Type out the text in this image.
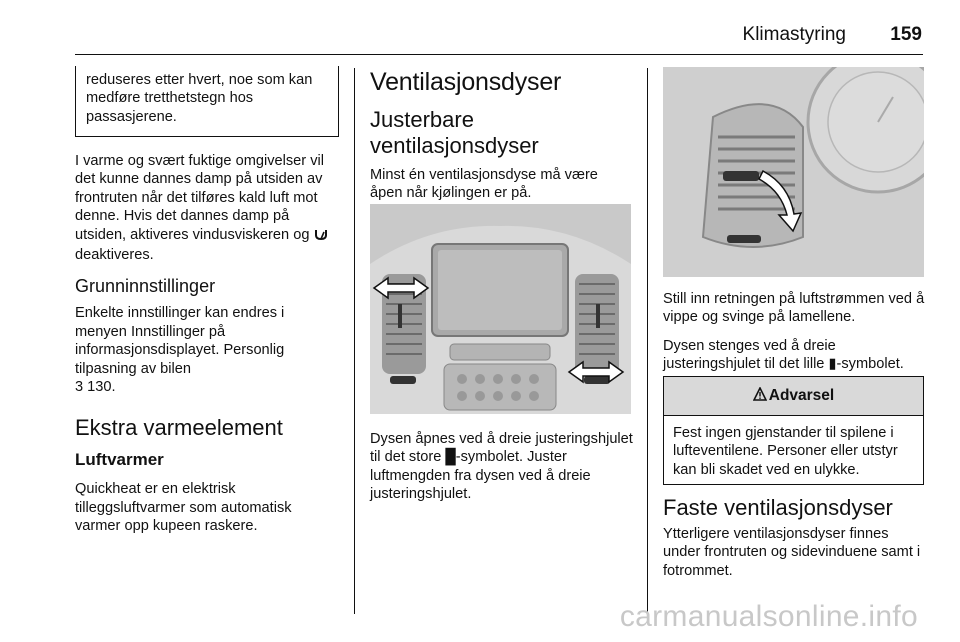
Klimastyring 159

reduseres etter hvert, noe som kan medføre tretthetstegn hos passasjerene.

I varme og svært fuktige omgivelser vil det kunne dannes damp på utsiden av frontruten når det tilføres kald luft mot denne. Hvis det dannes damp på utsiden, aktiveres vindusviskeren og  deaktiveres.

Grunninnstillinger

Enkelte innstillinger kan endres i menyen Innstillinger på informasjonsdisplayet. Personlig tilpasning av bilen
3 130.

Ekstra varmeelement

Luftvarmer

Quickheat er en elektrisk tilleggsluftvarmer som automatisk varmer opp kupeen raskere.

Ventilasjonsdyser

Justerbare

ventilasjonsdyser

Minst én ventilasjonsdyse må være åpen når kjølingen er på.

Dysen åpnes ved å dreie justeringshjulet til det store █-symbolet. Juster luftmengden fra dysen ved å dreie justeringshjulet.

Still inn retningen på luftstrømmen ved å vippe og svinge på lamellene.

Dysen stenges ved å dreie justeringshjulet til det lille ▮-symbolet.

Advarsel

Fest ingen gjenstander til spilene i lufteventilene. Personer eller utstyr kan bli skadet ved en ulykke.

Faste ventilasjonsdyser

Ytterligere ventilasjonsdyser finnes under frontruten og sidevinduene samt i fotrommet.

carmanualsonline.info
